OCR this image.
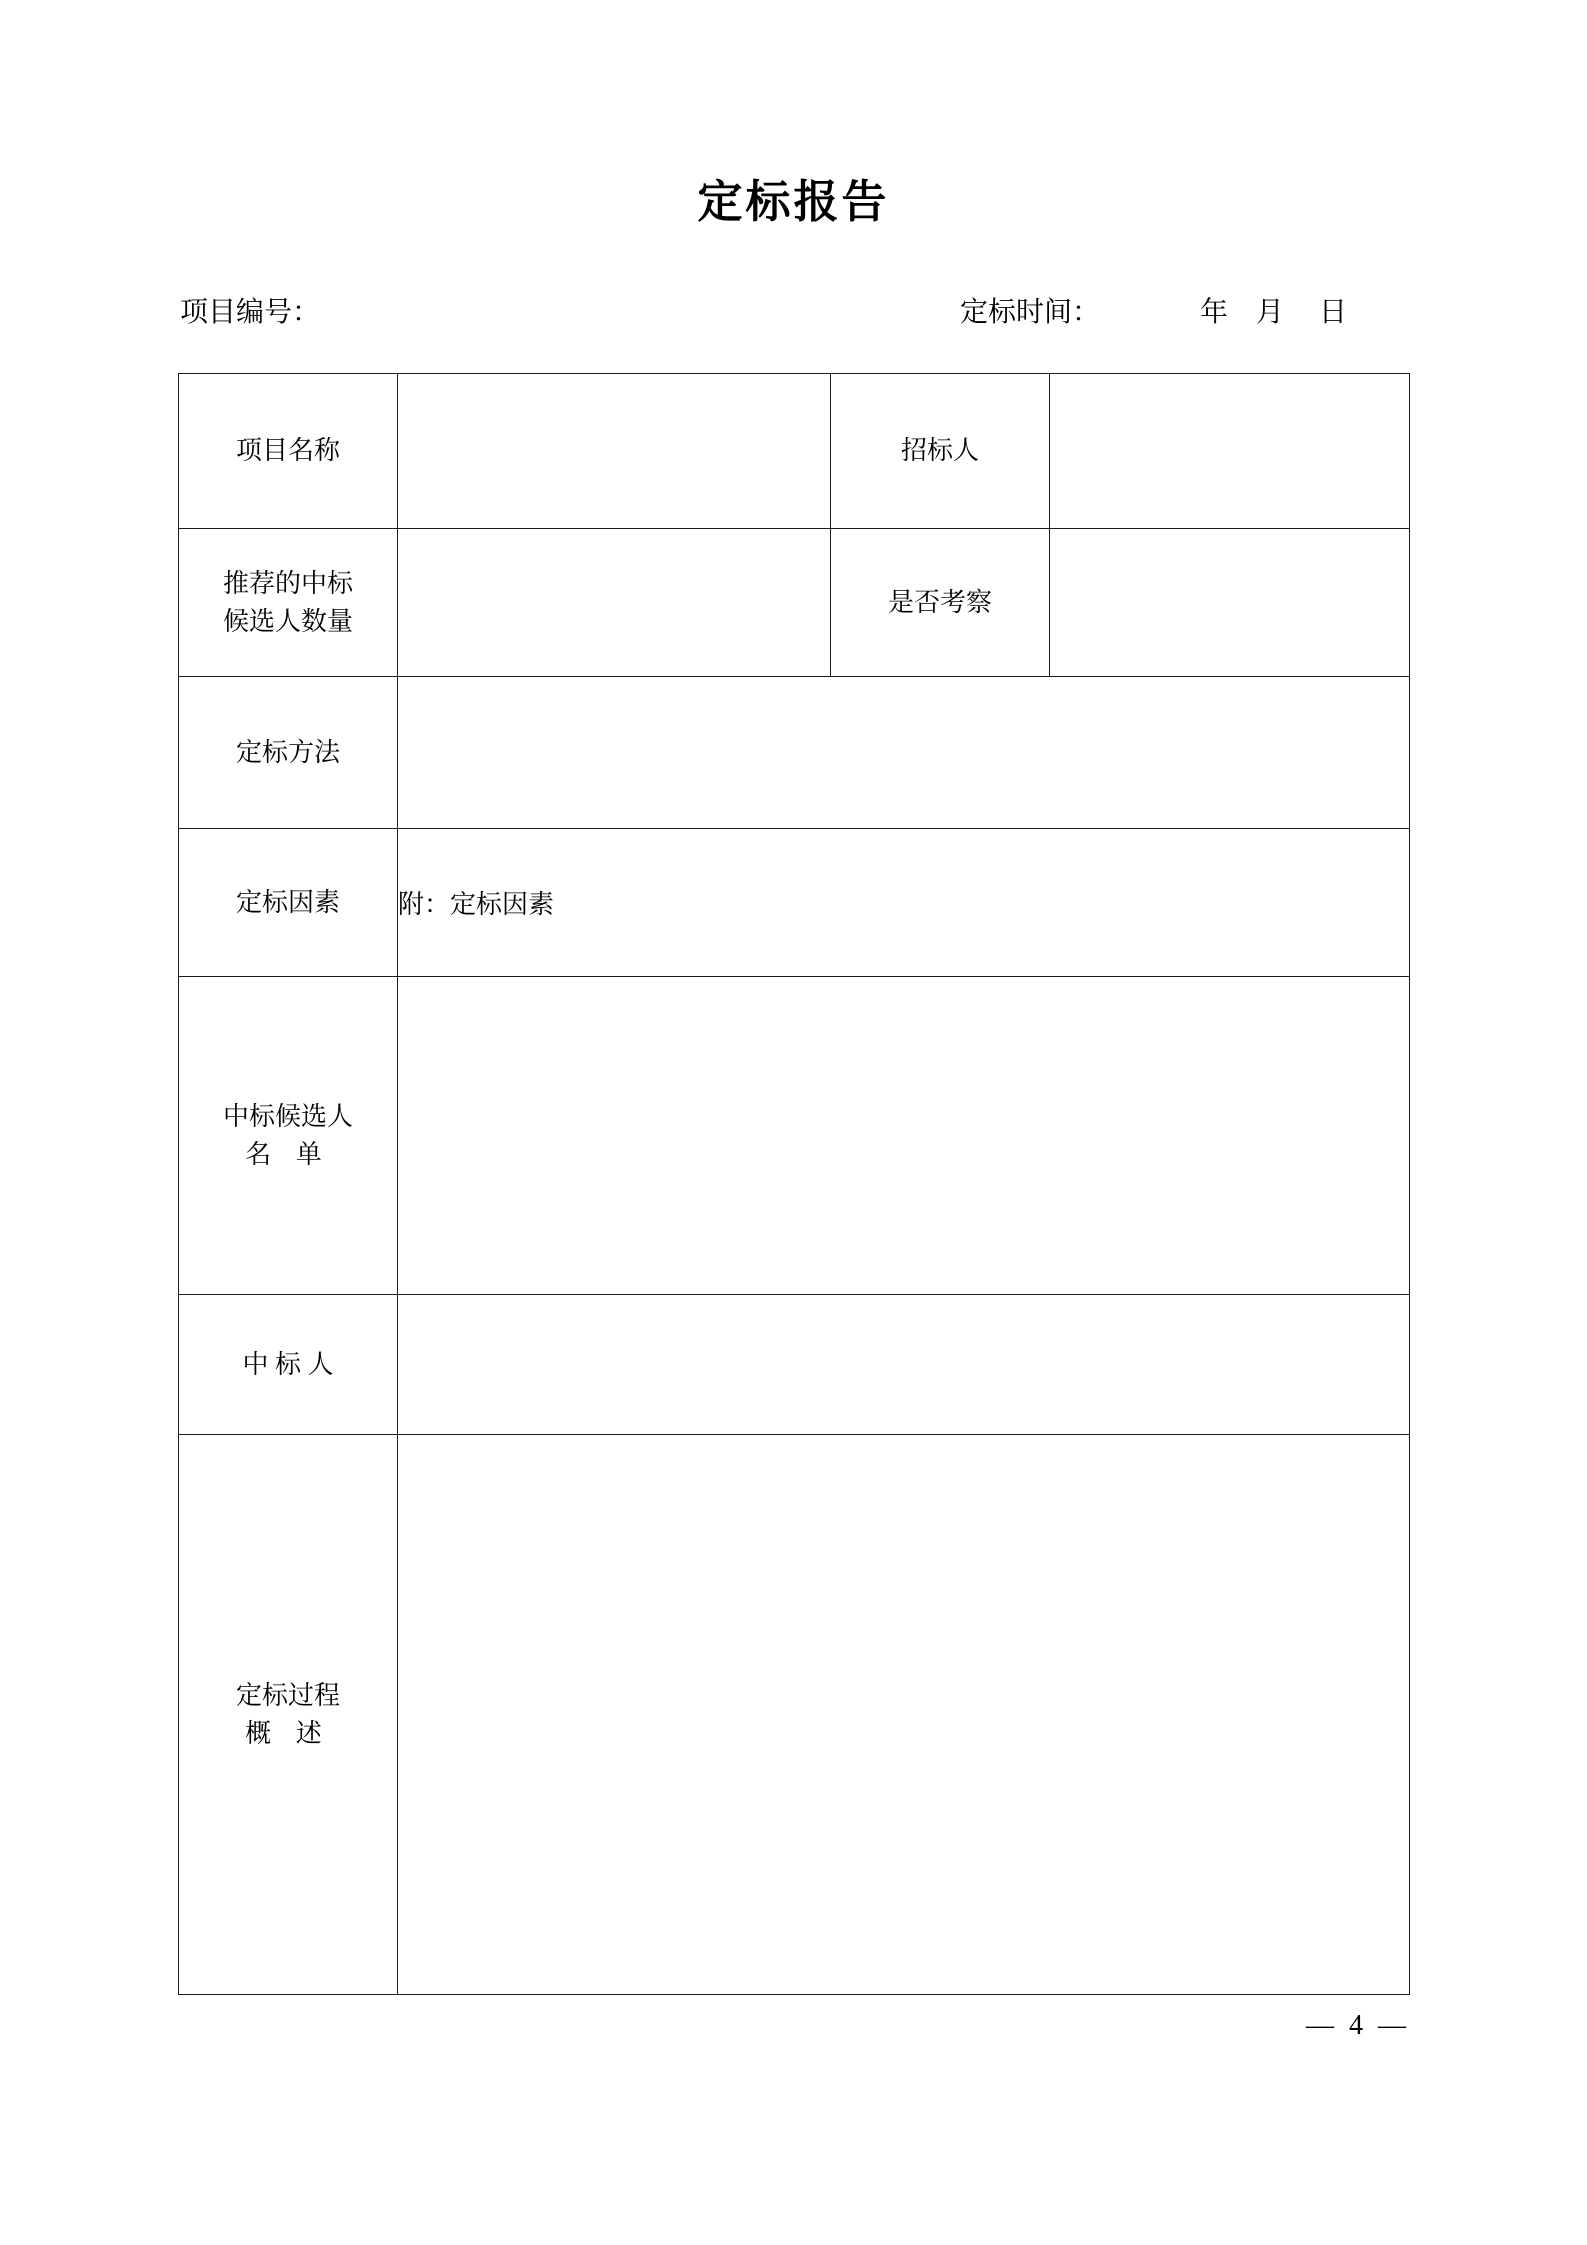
定标报告
项目编号：	定标时间：	年    月     日
项目名称		招标人	

推荐的中标
候选人数量		是否考察	
定标方法			
定标因素	附：定标因素		

中标候选人
名 单			

中 标 人			

定标过程
概 述			

— 4 —
